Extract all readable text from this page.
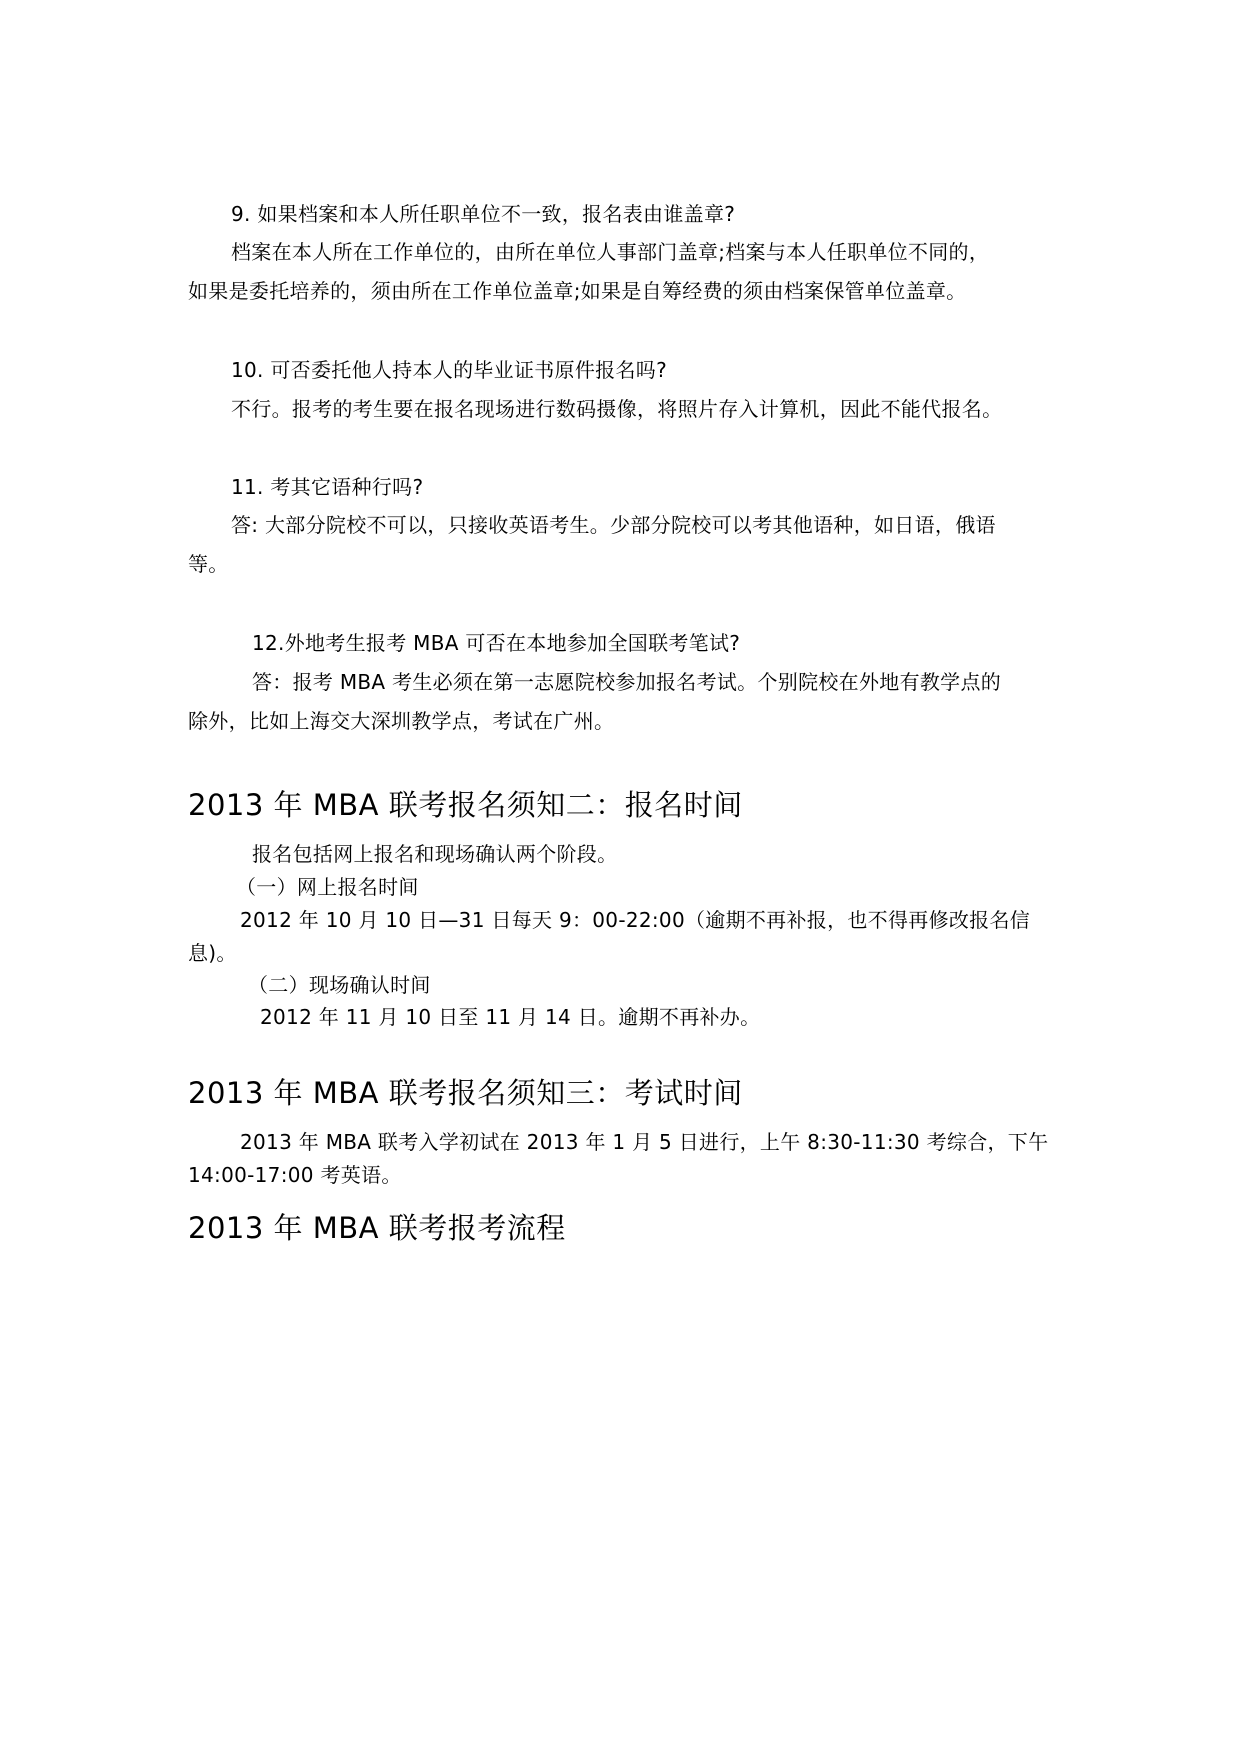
9. 如果档案和本人所任职单位不一致，报名表由谁盖章?
档案在本人所在工作单位的，由所在单位人事部门盖章;档案与本人任职单位不同的，
如果是委托培养的，须由所在工作单位盖章;如果是自筹经费的须由档案保管单位盖章。
10. 可否委托他人持本人的毕业证书原件报名吗?
不行。报考的考生要在报名现场进行数码摄像，将照片存入计算机，因此不能代报名。
11. 考其它语种行吗?
答: 大部分院校不可以，只接收英语考生。少部分院校可以考其他语种，如日语，俄语
等。
12.外地考生报考 MBA 可否在本地参加全国联考笔试?
答：报考 MBA 考生必须在第一志愿院校参加报名考试。个别院校在外地有教学点的
除外，比如上海交大深圳教学点，考试在广州。
2013 年 MBA 联考报名须知二：报名时间
报名包括网上报名和现场确认两个阶段。
（一）网上报名时间
2012 年 10 月 10 日—31 日每天 9：00-22:00（逾期不再补报，也不得再修改报名信
息)。
（二）现场确认时间
2012 年 11 月 10 日至 11 月 14 日。逾期不再补办。
2013 年 MBA 联考报名须知三：考试时间
2013 年 MBA 联考入学初试在 2013 年 1 月 5 日进行，上午 8:30-11:30 考综合，下午
14:00-17:00 考英语。
2013 年 MBA 联考报考流程
